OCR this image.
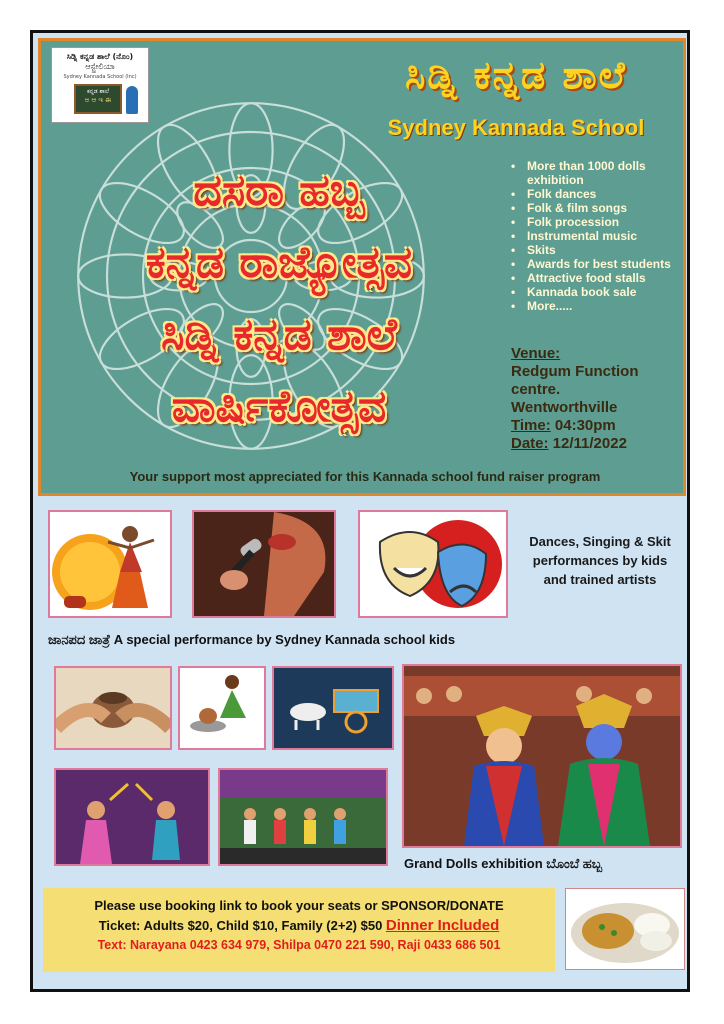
ಸಿಡ್ನಿ ಕನ್ನಡ ಶಾಲೆ (ನೊಂ)
ಆಸ್ಟ್ರೇಲಿಯಾ
Sydney Kannada School (Inc)
ಕನ್ನಡ ಶಾಲೆ
ಅ ಆ ಇ ಈ
ಸಿಡ್ನಿ ಕನ್ನಡ ಶಾಲೆ
Sydney Kannada School
ದಸರಾ ಹಬ್ಬ
ಕನ್ನಡ ರಾಜ್ಯೋತ್ಸವ
ಸಿಡ್ನಿ ಕನ್ನಡ ಶಾಲೆ
ವಾರ್ಷಿಕೋತ್ಸವ
• More than 1000 dolls exhibition
• Folk dances
• Folk & film songs
• Folk procession
• Instrumental music
• Skits
• Awards for best students
• Attractive food stalls
• Kannada book sale
• More.....
Venue:
Redgum Function
centre.
Wentworthville
Time: 04:30pm
Date: 12/11/2022
Your support most appreciated for this Kannada school fund raiser program
Dances, Singing & Skit performances by kids and trained artists
ಜಾನಪದ ಜಾತ್ರೆ A special performance by Sydney Kannada school kids
Grand Dolls exhibition ಬೊಂಬೆ ಹಬ್ಬ
Please use booking link to book your seats or SPONSOR/DONATE
Ticket: Adults $20, Child $10, Family (2+2) $50 Dinner Included
Text: Narayana 0423 634 979, Shilpa 0470 221 590, Raji 0433 686 501
